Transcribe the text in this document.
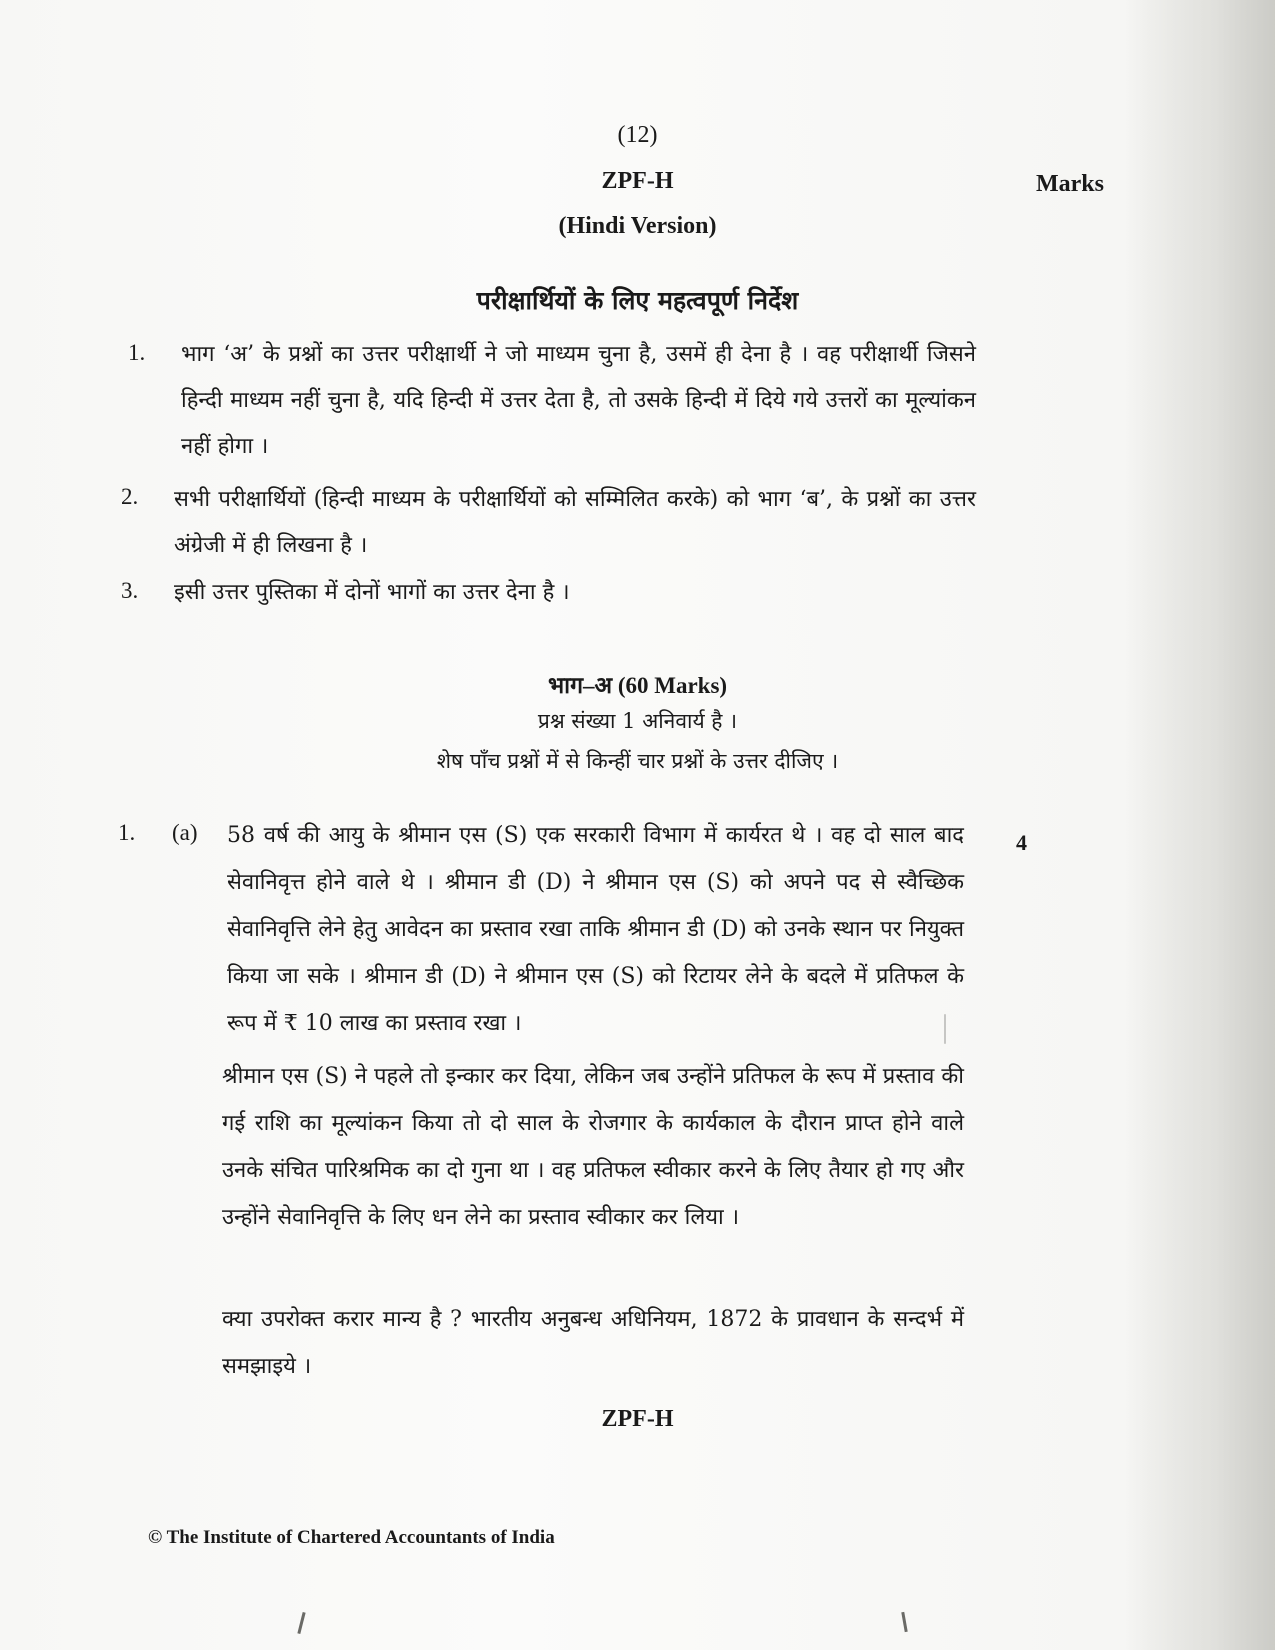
(12)
ZPF-H	Marks
(Hindi Version)
परीक्षार्थियों के लिए महत्वपूर्ण निर्देश
1. भाग ‘अ’ के प्रश्नों का उत्तर परीक्षार्थी ने जो माध्यम चुना है, उसमें ही देना है । वह परीक्षार्थी जिसने हिन्दी माध्यम नहीं चुना है, यदि हिन्दी में उत्तर देता है, तो उसके हिन्दी में दिये गये उत्तरों का मूल्यांकन नहीं होगा ।
2. सभी परीक्षार्थियों (हिन्दी माध्यम के परीक्षार्थियों को सम्मिलित करके) को भाग ‘ब’, के प्रश्नों का उत्तर अंग्रेजी में ही लिखना है ।
3. इसी उत्तर पुस्तिका में दोनों भागों का उत्तर देना है ।
भाग–अ (60 Marks)
प्रश्न संख्या 1 अनिवार्य है ।
शेष पाँच प्रश्नों में से किन्हीं चार प्रश्नों के उत्तर दीजिए ।
1. (a)	4
58 वर्ष की आयु के श्रीमान एस (S) एक सरकारी विभाग में कार्यरत थे । वह दो साल बाद सेवानिवृत्त होने वाले थे । श्रीमान डी (D) ने श्रीमान एस (S) को अपने पद से स्वैच्छिक सेवानिवृत्ति लेने हेतु आवेदन का प्रस्ताव रखा ताकि श्रीमान डी (D) को उनके स्थान पर नियुक्त किया जा सके । श्रीमान डी (D) ने श्रीमान एस (S) को रिटायर लेने के बदले में प्रतिफल के रूप में ₹ 10 लाख का प्रस्ताव रखा ।
श्रीमान एस (S) ने पहले तो इन्कार कर दिया, लेकिन जब उन्होंने प्रतिफल के रूप में प्रस्ताव की गई राशि का मूल्यांकन किया तो दो साल के रोजगार के कार्यकाल के दौरान प्राप्त होने वाले उनके संचित पारिश्रमिक का दो गुना था । वह प्रतिफल स्वीकार करने के लिए तैयार हो गए और उन्होंने सेवानिवृत्ति के लिए धन लेने का प्रस्ताव स्वीकार कर लिया ।
क्या उपरोक्त करार मान्य है ? भारतीय अनुबन्ध अधिनियम, 1872 के प्रावधान के सन्दर्भ में समझाइये ।
ZPF-H
© The Institute of Chartered Accountants of India
